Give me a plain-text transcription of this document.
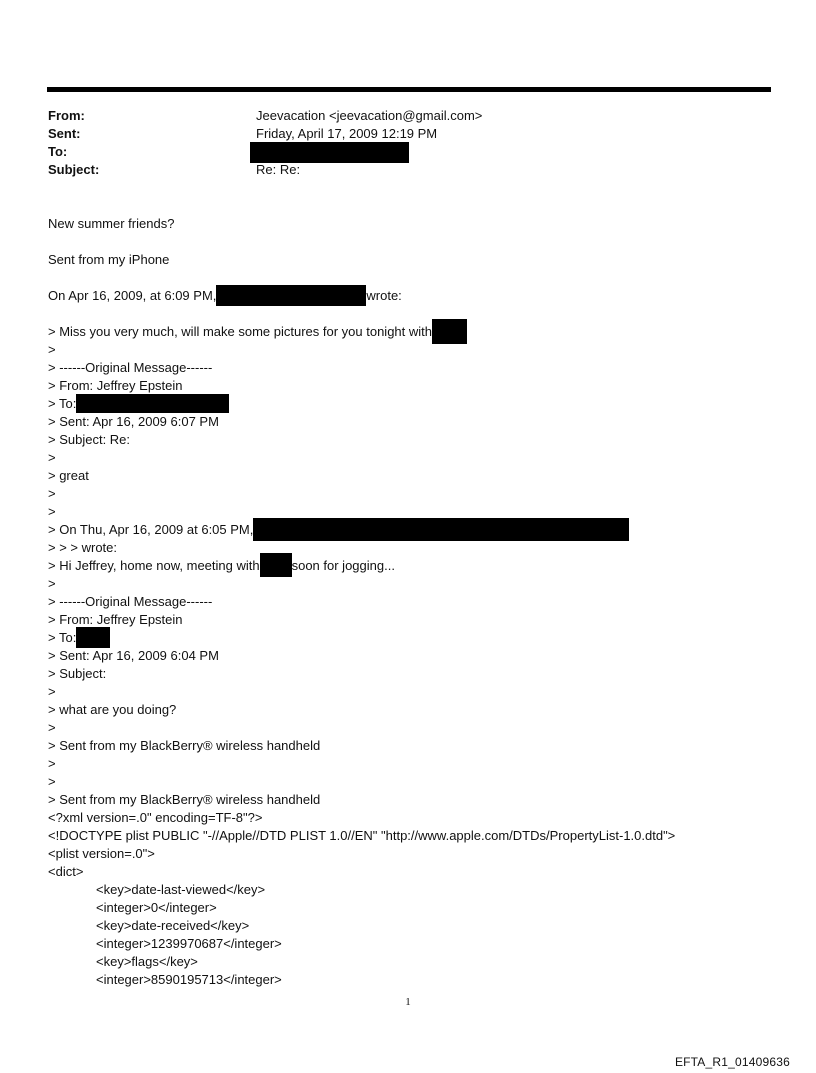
From:	Jeevacation <jeevacation@gmail.com>
Sent:	Friday, April 17, 2009 12:19 PM
To:
Subject:	Re: Re:
New summer friends?
Sent from my iPhone
On Apr 16, 2009, at 6:09 PM,	wrote:
> Miss you very much, will make some pictures for you tonight with
>
> ------Original Message------
> From: Jeffrey Epstein
> To:
> Sent: Apr 16, 2009 6:07 PM
> Subject: Re:
>
> great
>
>
> On Thu, Apr 16, 2009 at 6:05 PM,
> > > wrote:
> Hi Jeffrey, home now, meeting with soon for jogging...
>
> ------Original Message------
> From: Jeffrey Epstein
> To:
> Sent: Apr 16, 2009 6:04 PM
> Subject:
>
> what are you doing?
>
> Sent from my BlackBerry® wireless handheld
>
>
> Sent from my BlackBerry® wireless handheld
<?xml version=.0" encoding=TF-8"?>
<!DOCTYPE plist PUBLIC "-//Apple//DTD PLIST 1.0//EN" "http://www.apple.com/DTDs/PropertyList-1.0.dtd">
<plist version=.0">
<dict>
<key>date-last-viewed</key>
<integer>0</integer>
<key>date-received</key>
<integer>1239970687</integer>
<key>flags</key>
<integer>8590195713</integer>
1
EFTA_R1_01409636
